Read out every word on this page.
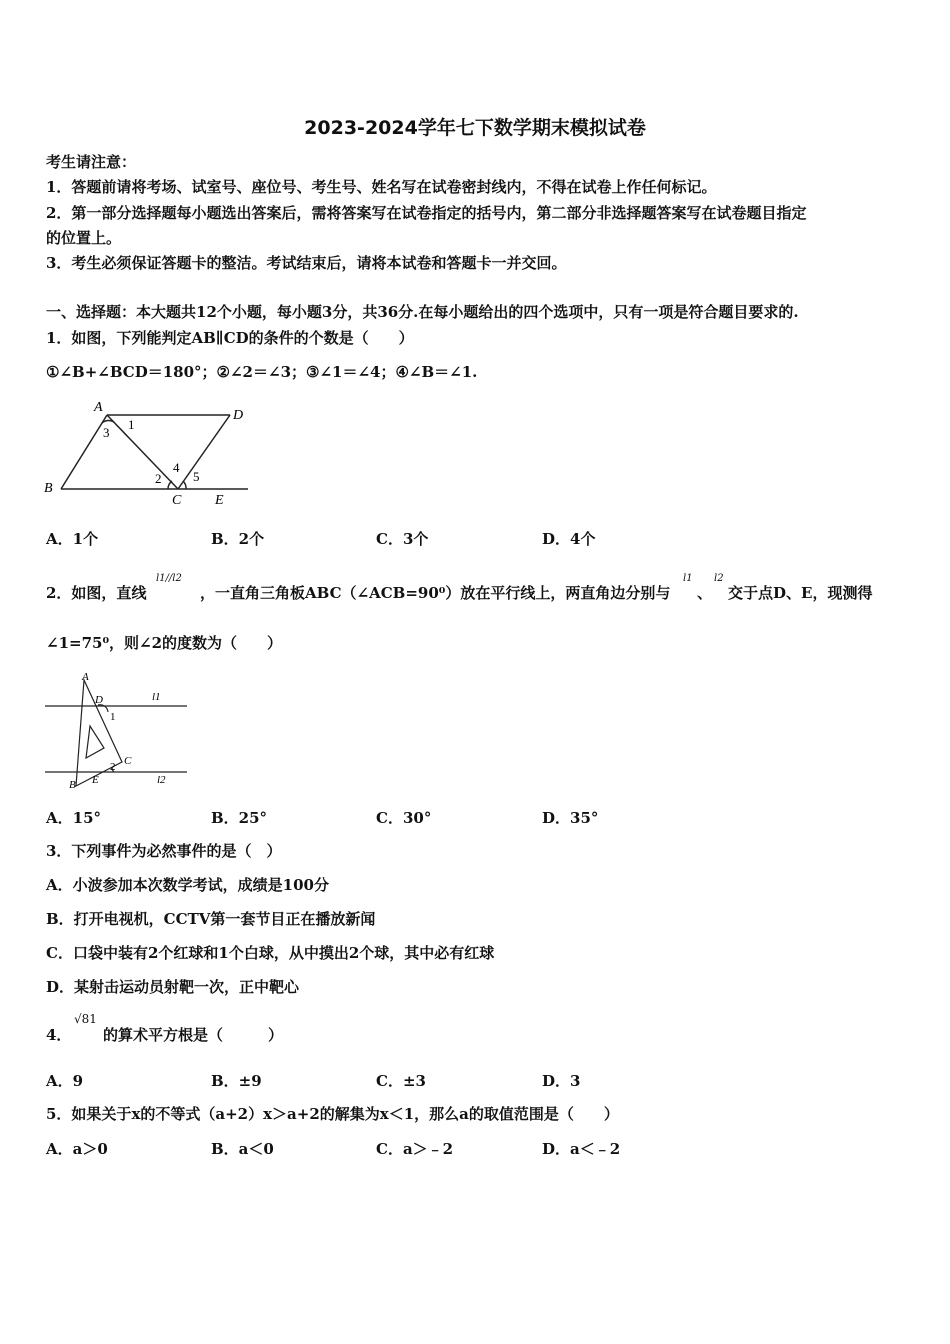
2023-2024学年七下数学期末模拟试卷
考生请注意：
1．答题前请将考场、试室号、座位号、考生号、姓名写在试卷密封线内，不得在试卷上作任何标记。
2．第一部分选择题每小题选出答案后，需将答案写在试卷指定的括号内，第二部分非选择题答案写在试卷题目指定
的位置上。
3．考生必须保证答题卡的整洁。考试结束后，请将本试卷和答题卡一并交回。
一、选择题：本大题共12个小题，每小题3分，共36分.在每小题给出的四个选项中，只有一项是符合题目要求的.
1．如图，下列能判定AB∥CD的条件的个数是（　　）
①∠B+∠BCD＝180°；②∠2＝∠3；③∠1＝∠4；④∠B＝∠1.
A
D
B
C E
1
2
3
4
5
A．1个	B．2个	C．3个	D．4个
2．如图，直线
l1//l2
，一直角三角板ABC（∠ACB=90⁰）放在平行线上，两直角边分别与
l1
、
l2
交于点D、E，现测得
∠1=75⁰，则∠2的度数为（　　）
A
D	l1
1
C
2
B E	l2
A．15°	B．25°	C．30°	D．35°
3．下列事件为必然事件的是（　）
A．小波参加本次数学考试，成绩是100分
B．打开电视机，CCTV第一套节目正在播放新闻
C．口袋中装有2个红球和1个白球，从中摸出2个球，其中必有红球
D．某射击运动员射靶一次，正中靶心
4．
√81
的算术平方根是（　　　）
A．9	B．±9	C．±3	D．3
5．如果关于x的不等式（a+2）x＞a+2的解集为x＜1，那么a的取值范围是（　　）
A．a＞0	B．a＜0	C．a＞﹣2	D．a＜﹣2
